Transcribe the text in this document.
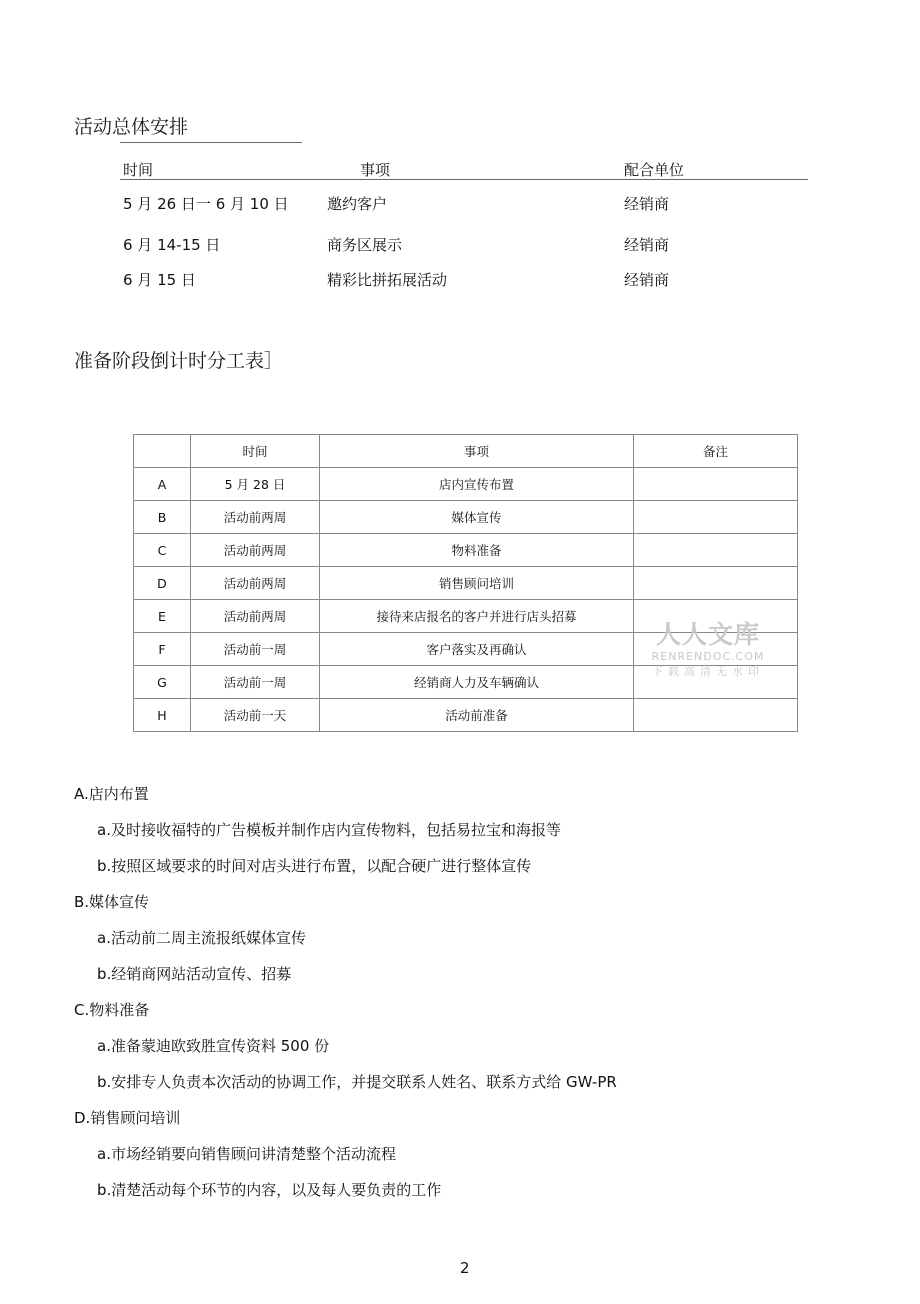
活动总体安排
时间	事项	配合单位
5 月 26 日一 6 月 10 日	邀约客户	经销商
6 月 14-15 日	商务区展示	经销商
6 月 15 日	精彩比拼拓展活动	经销商
准备阶段倒计时分工表］
	时间	事项	备注
A	5 月 28 日	店内宣传布置	
B	活动前两周	媒体宣传	
C	活动前两周	物料准备	
D	活动前两周	销售顾问培训	
E	活动前两周	接待来店报名的客户并进行店头招募	
F	活动前一周	客户落实及再确认	
G	活动前一周	经销商人力及车辆确认	
H	活动前一天	活动前准备	
人人文库
RENRENDOC.COM
下载高清无水印
A.店内布置
a.及时接收福特的广告模板并制作店内宣传物料，包括易拉宝和海报等
b.按照区域要求的时间对店头进行布置，以配合硬广进行整体宣传
B.媒体宣传
a.活动前二周主流报纸媒体宣传
b.经销商网站活动宣传、招募
C.物料准备
a.准备蒙迪欧致胜宣传资料 500 份
b.安排专人负责本次活动的协调工作，并提交联系人姓名、联系方式给 GW-PR
D.销售顾问培训
a.市场经销要向销售顾问讲清楚整个活动流程
b.清楚活动每个环节的内容，以及每人要负责的工作
2
